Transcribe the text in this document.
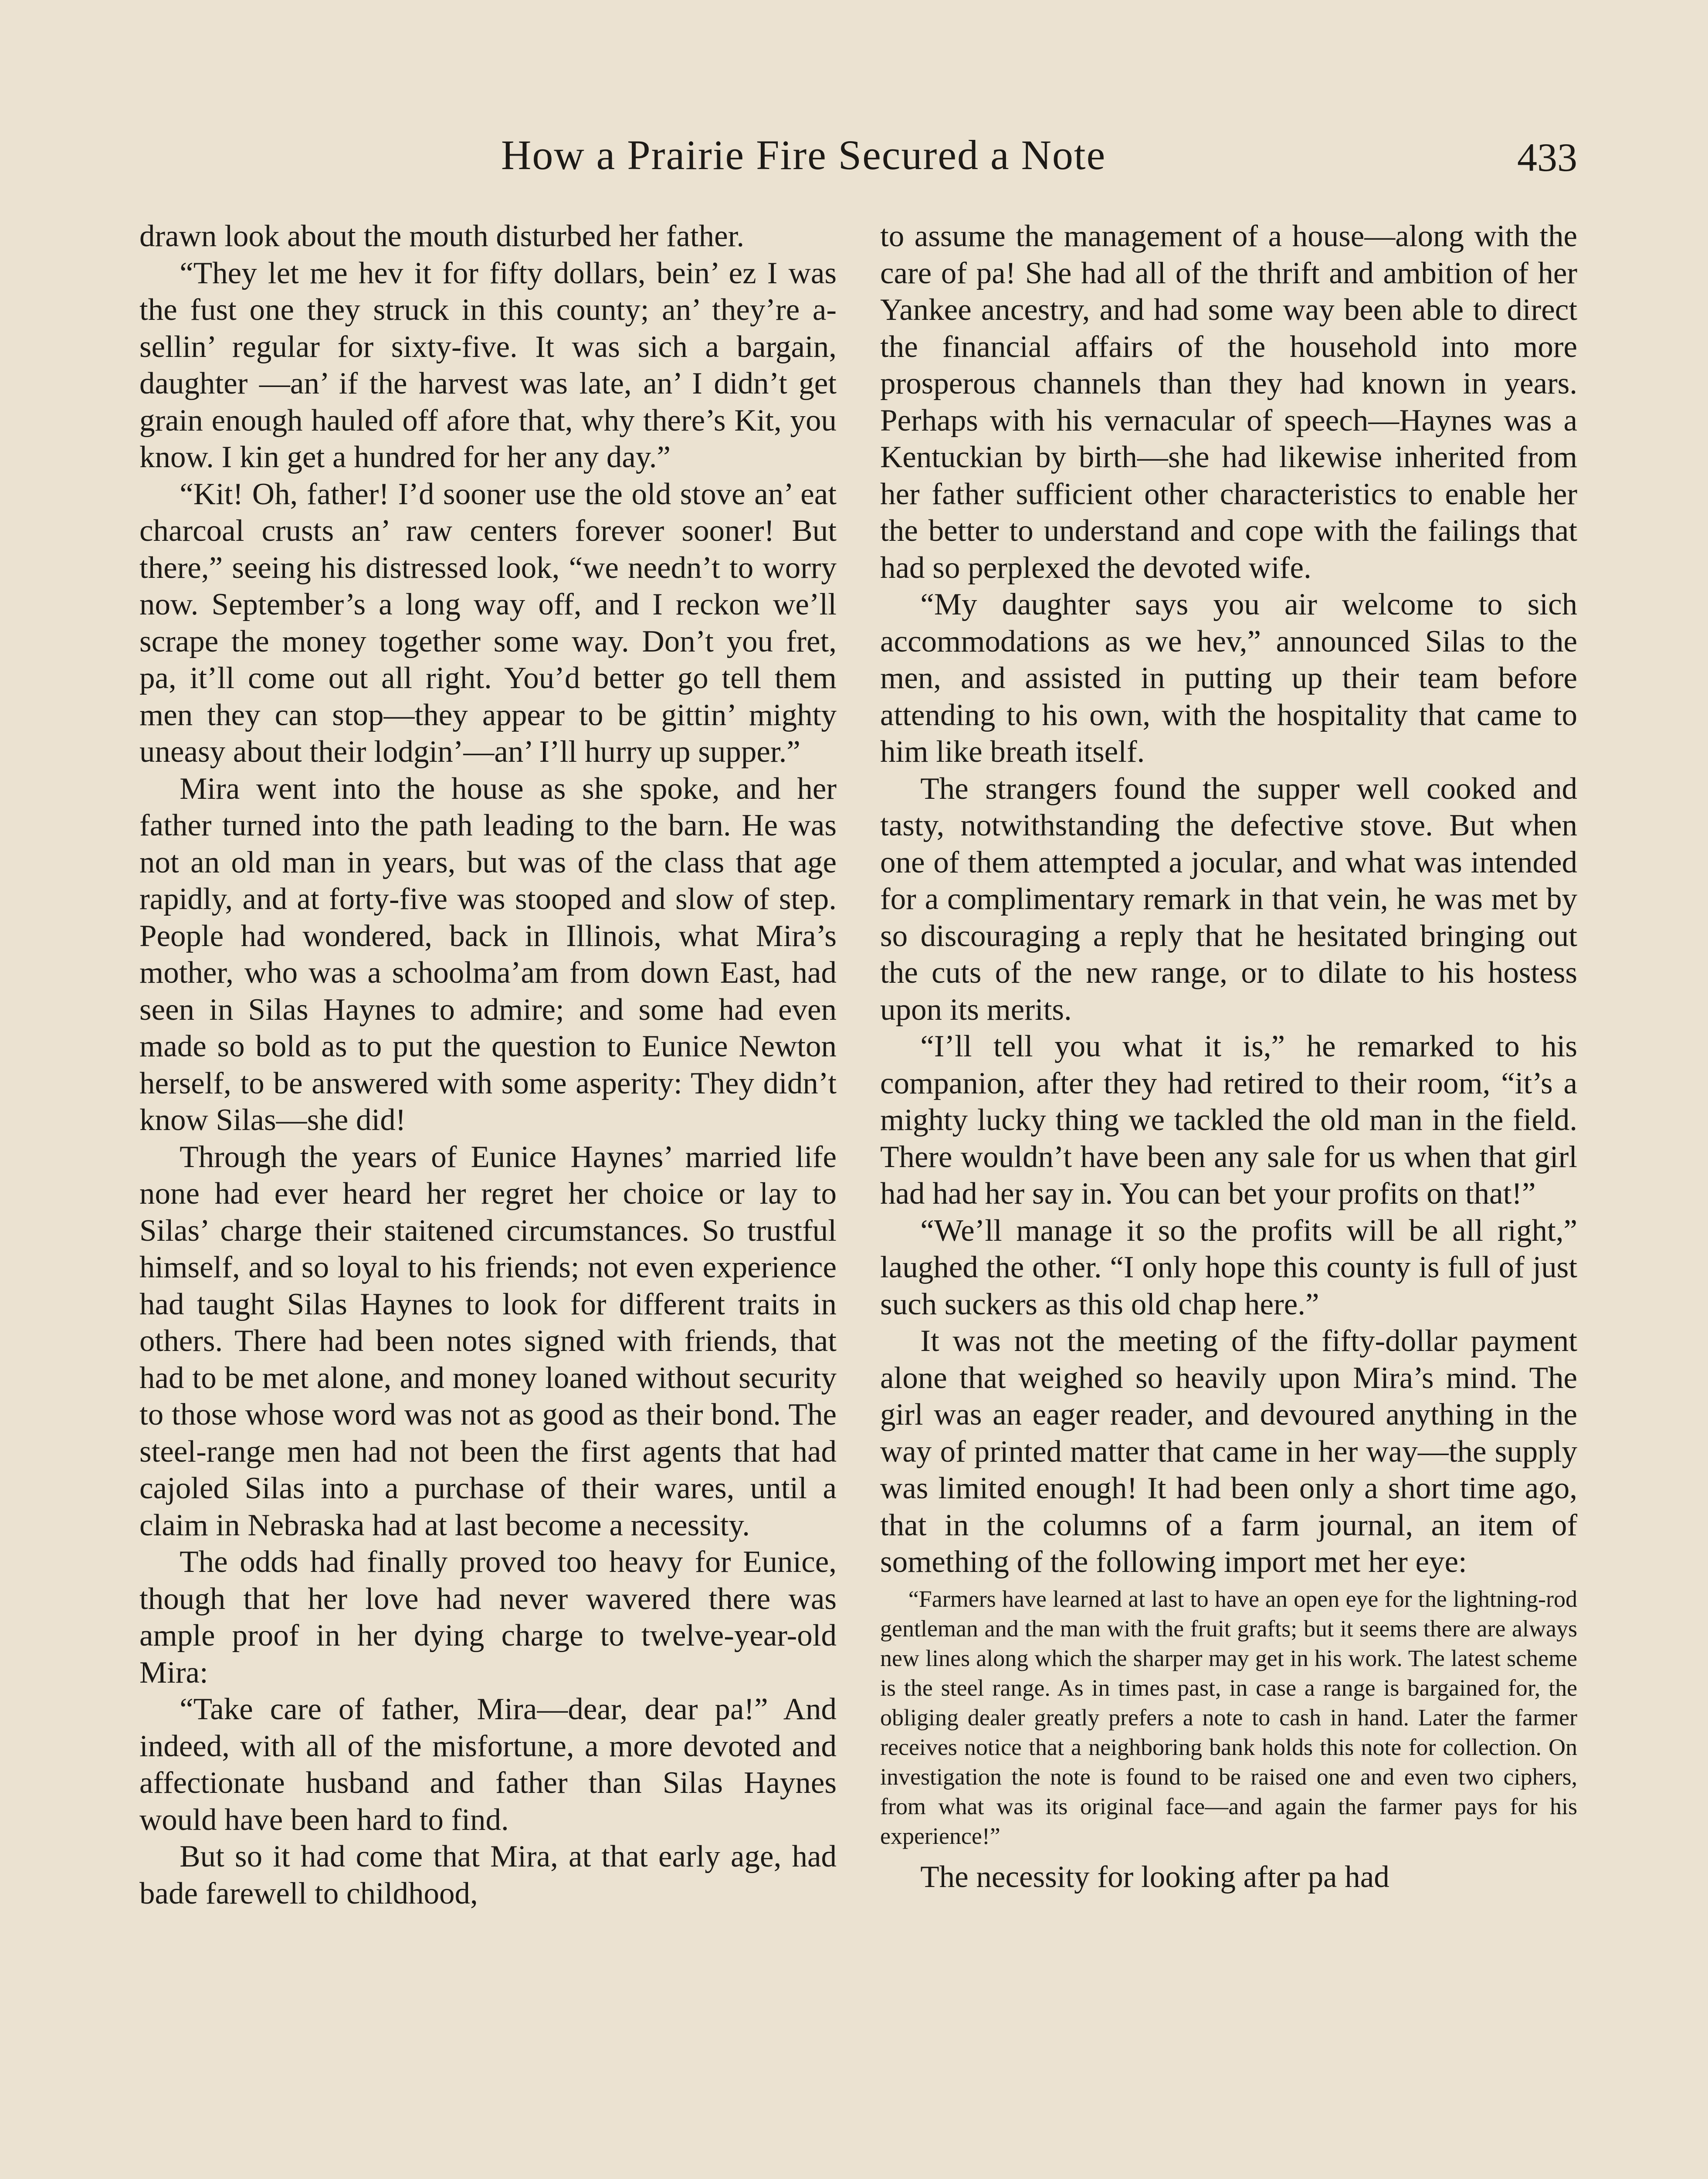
How a Prairie Fire Secured a Note	433

drawn look about the mouth disturbed her father.

“They let me hev it for fifty dollars, bein’ ez I was the fust one they struck in this county; an’ they’re a-sellin’ regular for sixty-five. It was sich a bargain, daughter —an’ if the harvest was late, an’ I didn’t get grain enough hauled off afore that, why there’s Kit, you know. I kin get a hundred for her any day.”

“Kit! Oh, father! I’d sooner use the old stove an’ eat charcoal crusts an’ raw centers forever sooner! But there,” seeing his distressed look, “we needn’t to worry now. September’s a long way off, and I reckon we’ll scrape the money together some way. Don’t you fret, pa, it’ll come out all right. You’d better go tell them men they can stop—they appear to be gittin’ mighty uneasy about their lodgin’—an’ I’ll hurry up supper.”

Mira went into the house as she spoke, and her father turned into the path leading to the barn. He was not an old man in years, but was of the class that age rapidly, and at forty-five was stooped and slow of step. People had wondered, back in Illinois, what Mira’s mother, who was a schoolma’am from down East, had seen in Silas Haynes to admire; and some had even made so bold as to put the question to Eunice Newton herself, to be answered with some asperity: They didn’t know Silas—she did!

Through the years of Eunice Haynes’ married life none had ever heard her regret her choice or lay to Silas’ charge their staitened circumstances. So trustful himself, and so loyal to his friends; not even experience had taught Silas Haynes to look for different traits in others. There had been notes signed with friends, that had to be met alone, and money loaned without security to those whose word was not as good as their bond. The steel-range men had not been the first agents that had cajoled Silas into a purchase of their wares, until a claim in Nebraska had at last become a necessity.

The odds had finally proved too heavy for Eunice, though that her love had never wavered there was ample proof in her dying charge to twelve-year-old Mira:

“Take care of father, Mira—dear, dear pa!” And indeed, with all of the misfortune, a more devoted and affectionate husband and father than Silas Haynes would have been hard to find.

But so it had come that Mira, at that early age, had bade farewell to childhood,

to assume the management of a house—along with the care of pa! She had all of the thrift and ambition of her Yankee ancestry, and had some way been able to direct the financial affairs of the household into more prosperous channels than they had known in years. Perhaps with his vernacular of speech—Haynes was a Kentuckian by birth—she had likewise inherited from her father sufficient other characteristics to enable her the better to understand and cope with the failings that had so perplexed the devoted wife.

“My daughter says you air welcome to sich accommodations as we hev,” announced Silas to the men, and assisted in putting up their team before attending to his own, with the hospitality that came to him like breath itself.

The strangers found the supper well cooked and tasty, notwithstanding the defective stove. But when one of them attempted a jocular, and what was intended for a complimentary remark in that vein, he was met by so discouraging a reply that he hesitated bringing out the cuts of the new range, or to dilate to his hostess upon its merits.

“I’ll tell you what it is,” he remarked to his companion, after they had retired to their room, “it’s a mighty lucky thing we tackled the old man in the field. There wouldn’t have been any sale for us when that girl had had her say in. You can bet your profits on that!”

“We’ll manage it so the profits will be all right,” laughed the other. “I only hope this county is full of just such suckers as this old chap here.”

It was not the meeting of the fifty-dollar payment alone that weighed so heavily upon Mira’s mind. The girl was an eager reader, and devoured anything in the way of printed matter that came in her way—the supply was limited enough! It had been only a short time ago, that in the columns of a farm journal, an item of something of the following import met her eye:

“Farmers have learned at last to have an open eye for the lightning-rod gentleman and the man with the fruit grafts; but it seems there are always new lines along which the sharper may get in his work. The latest scheme is the steel range. As in times past, in case a range is bargained for, the obliging dealer greatly prefers a note to cash in hand. Later the farmer receives notice that a neighboring bank holds this note for collection. On investigation the note is found to be raised one and even two ciphers, from what was its original face—and again the farmer pays for his experience!”

The necessity for looking after pa had
